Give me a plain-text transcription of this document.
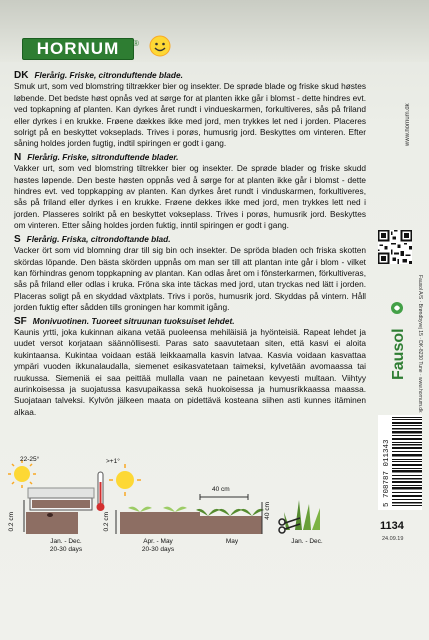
HORNUM	®
DK Flerårig. Friske, citronduftende blade.

Smuk urt, som ved blomstring tiltrækker bier og insekter. De sprøde blade og friske skud høstes løbende. Det bedste høst opnås ved at sørge for at planten ikke går i blomst - dette hindres evt. ved topkapning af planten. Kan dyrkes året rundt i vindueskarmen, forkultiveres, sås på friland eller dyrkes i en krukke. Frøene dækkes ikke med jord, men trykkes let ned i jorden. Placeres solrigt på en beskyttet vokseplads. Trives i porøs, humusrig jord. Beskyttes om vinteren. Efter såning holdes jorden fugtig, indtil spiringen er godt i gang.

N Flerårig. Friske, sitronduftende blader.

Vakker urt, som ved blomstring tiltrekker bier og insekter. De sprøde blader og friske skudd høstes løpende. Den beste høsten oppnås ved å sørge for at planten ikke går i blomst - dette hindres evt. ved toppkapping av planten. Kan dyrkes året rundt i vinduskarmen, forkultiveres, sås på friland eller dyrkes i en krukke. Frøene dekkes ikke med jord, men trykkes lett ned i jorden. Plasseres solrikt på en beskyttet vokseplass. Trives i porøs, humusrik jord. Beskyttes om vinteren. Etter såing holdes jorden fuktig, inntil spiringen er godt i gang.

S Flerårig. Friska, citrondoftande blad.

Vacker ört som vid blomning drar till sig bin och insekter. De spröda bladen och friska skotten skördas löpande. Den bästa skörden uppnås om man ser till att plantan inte går i blom - vilket kan förhindras genom toppkapning av plantan. Kan odlas året om i fönsterkarmen, förkultiveras, sås på friland eller odlas i kruka. Fröna ska inte täckas med jord, utan tryckas ned lätt i jorden. Placeras soligt på en skyddad växtplats. Trivs i porös, humusrik jord. Skyddas på vintern. Håll jorden fuktig efter sådden tills groningen har kommit igång.

SF Monivuotinen. Tuoreet sitruunan tuoksuiset lehdet.

Kaunis yrtti, joka kukinnan aikana vetää puoleensa mehiläisiä ja hyönteisiä. Rapeat lehdet ja uudet versot korjataan säännöllisesti. Paras sato saavutetaan siten, että kasvi ei aloita kukintaansa. Kukintaa voidaan estää leikkaamalla kasvin latvaa. Kasvia voidaan kasvattaa ympäri vuoden ikkunalaudalla, siemenet esikasvatetaan taimeksi, kylvetään avomaassa tai ruukussa. Siemeniä ei saa peittää mullalla vaan ne painetaan kevyesti multaan. Viihtyy aurinkoisessa ja suojatussa kasvupaikassa sekä huokoisessa ja humusrikkaassa maassa. Suojataan talveksi. Kylvön jälkeen maata on pidettävä kosteana siihen asti kunnes itäminen alkaa.

22-25°	>+1°
0.2 cm	0.2 cm
40 cm
40 cm
Jan. - Dec.
20-30 days
Apr. - May
20-30 days
May	Jan. - Dec.
www.hornum.dk
Fausol	Fausol A/S · Brøndbyvej 15 · DK-8230 Tune · www.hornum.dk
5 708787 011343
1134
24.09.19
